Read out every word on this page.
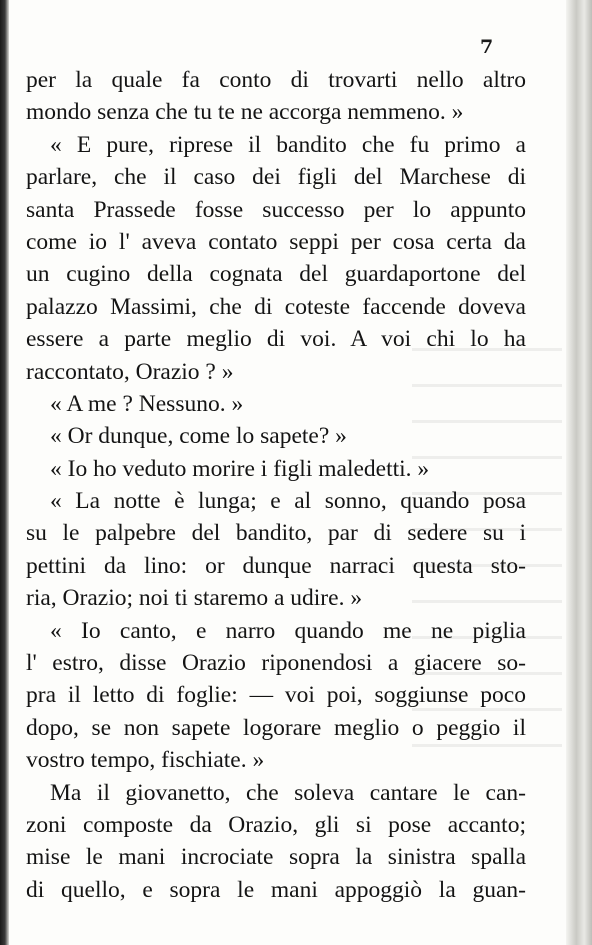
7
per la quale fa conto di trovarti nello altro
mondo senza che tu te ne accorga nemmeno. »
« E pure, riprese il bandito che fu primo a
parlare, che il caso dei figli del Marchese di
santa Prassede fosse successo per lo appunto
come io l' aveva contato seppi per cosa certa da
un cugino della cognata del guardaportone del
palazzo Massimi, che di coteste faccende doveva
essere a parte meglio di voi. A voi chi lo ha
raccontato, Orazio ? »
« A me ? Nessuno. »
« Or dunque, come lo sapete? »
« Io ho veduto morire i figli maledetti. »
« La notte è lunga; e al sonno, quando posa
su le palpebre del bandito, par di sedere su i
pettini da lino: or dunque narraci questa sto-
ria, Orazio; noi ti staremo a udire. »
« Io canto, e narro quando me ne piglia
l' estro, disse Orazio riponendosi a giacere so-
pra il letto di foglie: — voi poi, soggiunse poco
dopo, se non sapete logorare meglio o peggio il
vostro tempo, fischiate. »
Ma il giovanetto, che soleva cantare le can-
zoni composte da Orazio, gli si pose accanto;
mise le mani incrociate sopra la sinistra spalla
di quello, e sopra le mani appoggiò la guan-
